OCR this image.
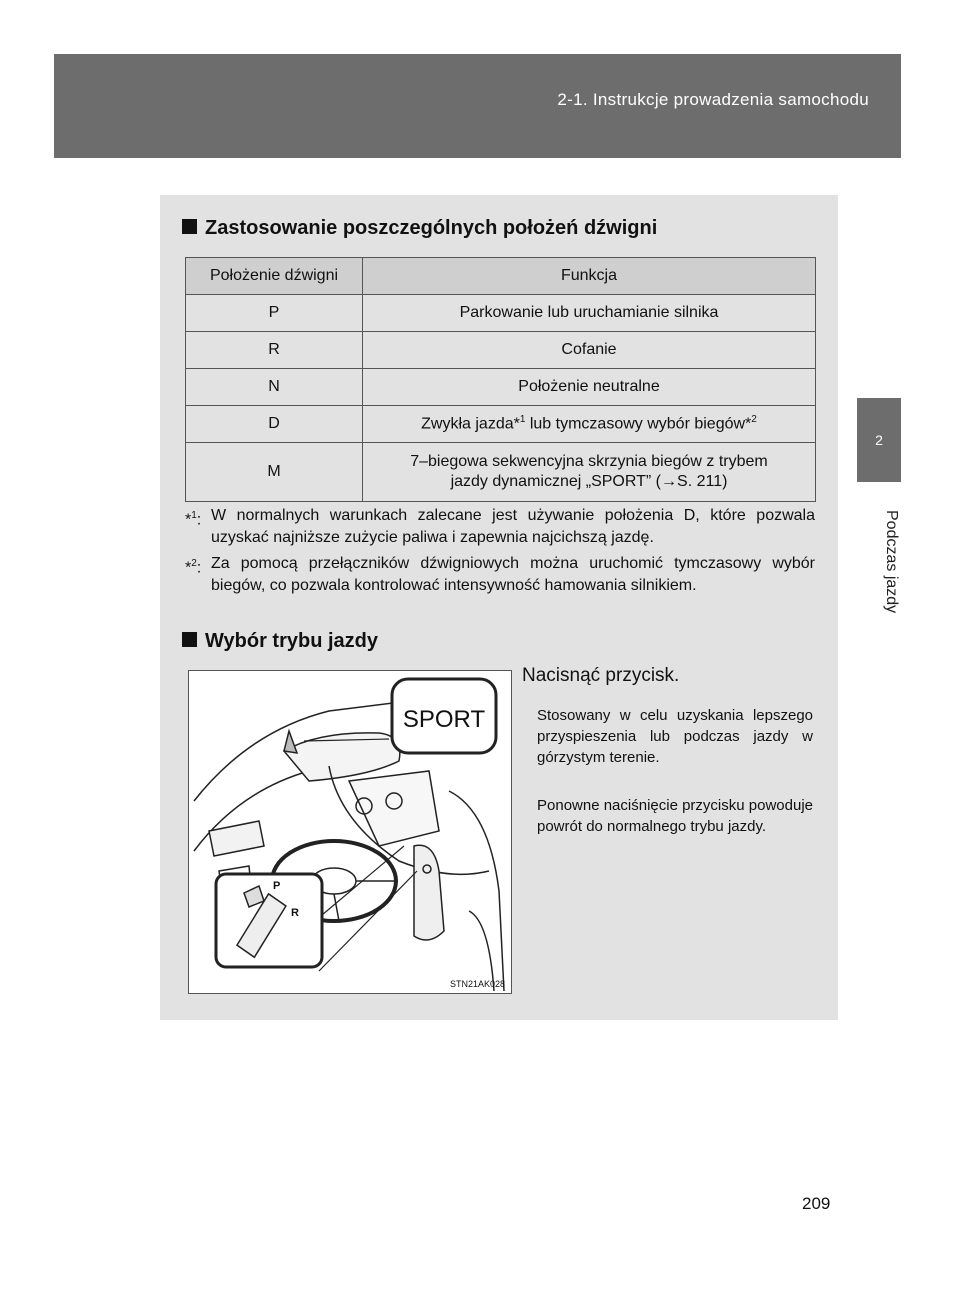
2-1. Instrukcje prowadzenia samochodu
2
Podczas jazdy
Zastosowanie poszczególnych położeń dźwigni
Położenie dźwigni	Funkcja
P	Parkowanie lub uruchamianie silnika
R	Cofanie
N	Położenie neutralne
D	Zwykła jazda*$^1$ lub tymczasowy wybór biegów*$^2$
M	7–biegowa sekwencyjna skrzynia biegów z trybem
jazdy dynamicznej „SPORT” (→S. 211)
*$^1$: W normalnych warunkach zalecane jest używanie położenia D, które pozwala uzyskać najniższe zużycie paliwa i zapewnia najcichszą jazdę.
*$^2$: Za pomocą przełączników dźwigniowych można uruchomić tymczasowy wybór biegów, co pozwala kontrolować intensywność hamowania silnikiem.
Wybór trybu jazdy
SPORT
P
R
STN21AK028
Nacisnąć przycisk.
Stosowany w celu uzyskania lepszego przyspieszenia lub podczas jazdy w górzystym terenie.
Ponowne naciśnięcie przycisku powoduje powrót do normalnego trybu jazdy.
209
